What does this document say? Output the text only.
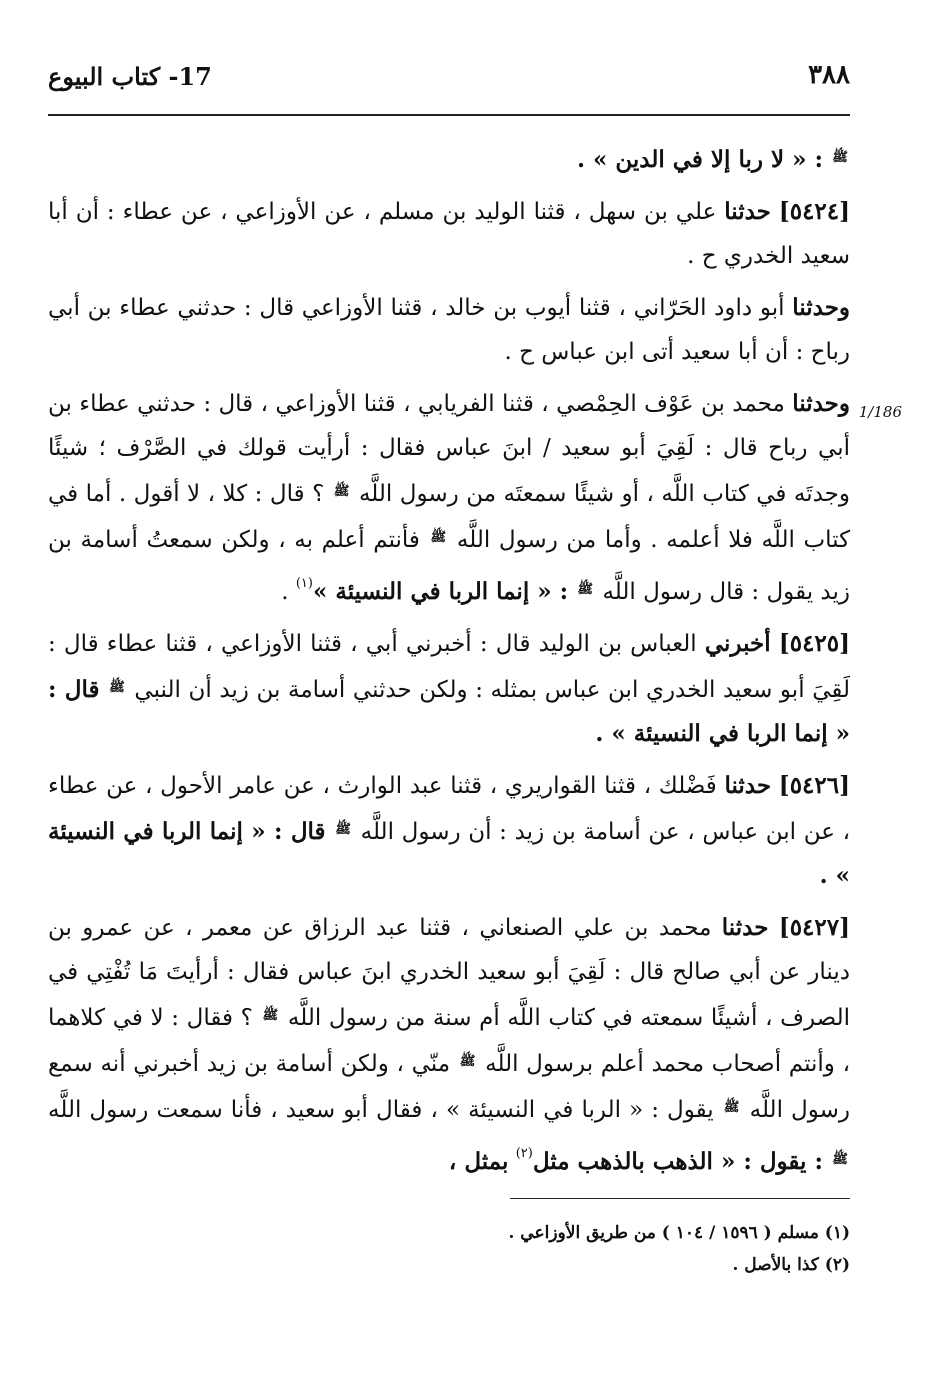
٣٨٨
17- كتاب البيوع

$^ﷺ$ : « لا ربا إلا في الدين » .

[٥٤٢٤] حدثنا علي بن سهل ، قثنا الوليد بن مسلم ، عن الأوزاعي ، عن عطاء : أن أبا سعيد الخدري ح .

وحدثنا أبو داود الحَرّاني ، قثنا أيوب بن خالد ، قثنا الأوزاعي قال : حدثني عطاء بن أبي رباح : أن أبا سعيد أتى ابن عباس ح .

1/186
وحدثنا محمد بن عَوْف الحِمْصي ، قثنا الفريابي ، قثنا الأوزاعي ، قال : حدثني عطاء بن أبي رباح قال : لَقِيَ أبو سعيد / ابنَ عباس فقال : أرأيت قولك في الصَّرْف ؛ شيئًا وجدتَه في كتاب اللَّه ، أو شيئًا سمعتَه من رسول اللَّه $^ﷺ$ ؟ قال : كلا ، لا أقول . أما في كتاب اللَّه فلا أعلمه . وأما من رسول اللَّه $^ﷺ$ فأنتم أعلم به ، ولكن سمعتُ أسامة بن زيد يقول : قال رسول اللَّه $^ﷺ$ : « إنما الربا في النسيئة »$^{(١)}$ .

[٥٤٢٥] أخبرني العباس بن الوليد قال : أخبرني أبي ، قثنا الأوزاعي ، قثنا عطاء قال : لَقِيَ أبو سعيد الخدري ابن عباس بمثله : ولكن حدثني أسامة بن زيد أن النبي $^ﷺ$ قال : « إنما الربا في النسيئة » .

[٥٤٢٦] حدثنا فَضْلك ، قثنا القواريري ، قثنا عبد الوارث ، عن عامر الأحول ، عن عطاء ، عن ابن عباس ، عن أسامة بن زيد : أن رسول اللَّه $^ﷺ$ قال : « إنما الربا في النسيئة » .

[٥٤٢٧] حدثنا محمد بن علي الصنعاني ، قثنا عبد الرزاق عن معمر ، عن عمرو بن دينار عن أبي صالح قال : لَقِيَ أبو سعيد الخدري ابنَ عباس فقال : أرأيتَ مَا تُفْتِي في الصرف ، أشيئًا سمعته في كتاب اللَّه أم سنة من رسول اللَّه $^ﷺ$ ؟ فقال : لا في كلاهما ، وأنتم أصحاب محمد أعلم برسول اللَّه $^ﷺ$ منّي ، ولكن أسامة بن زيد أخبرني أنه سمع رسول اللَّه $^ﷺ$ يقول : « الربا في النسيئة » ، فقال أبو سعيد ، فأنا سمعت رسول اللَّه $^ﷺ$ : يقول : « الذهب بالذهب مثل$^{(٢)}$ بمثل ،

(١) مسلم ( ١٥٩٦ / ١٠٤ ) من طريق الأوزاعي .
(٢) كذا بالأصل .
